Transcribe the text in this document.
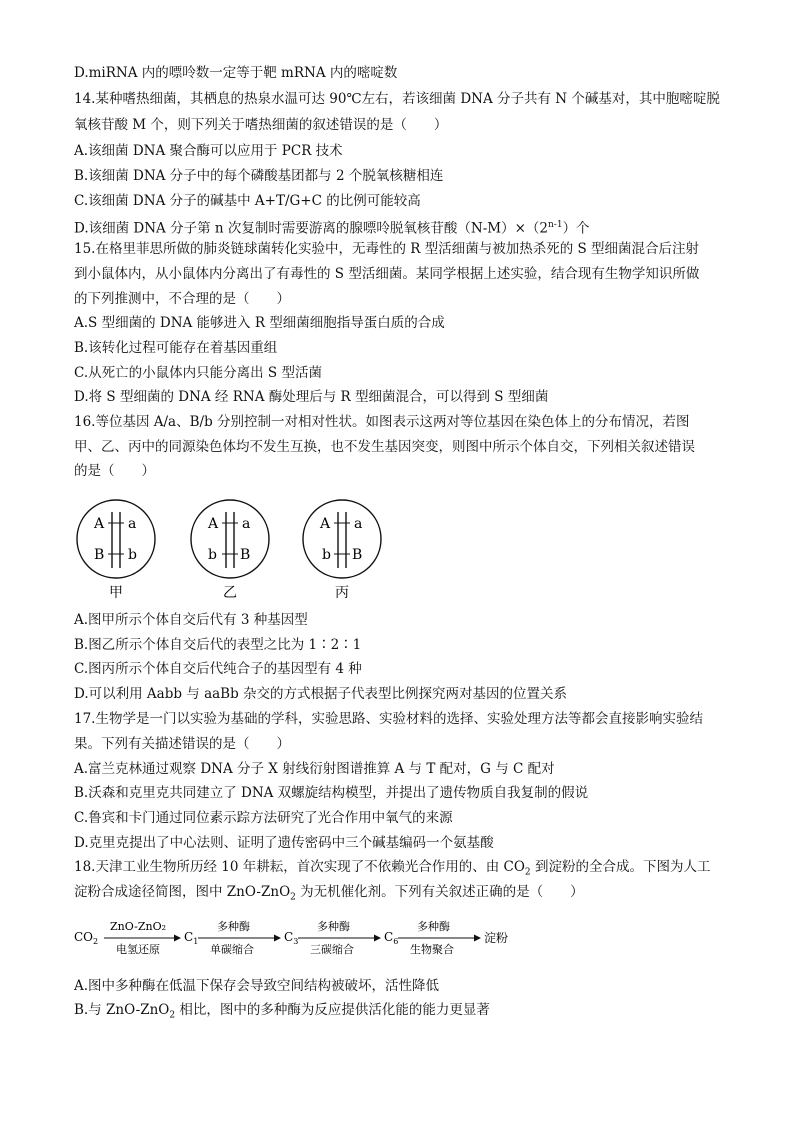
D.miRNA 内的嘌呤数一定等于靶 mRNA 内的嘧啶数
14.某种嗜热细菌，其栖息的热泉水温可达 90℃左右，若该细菌 DNA 分子共有 N 个碱基对，其中胞嘧啶脱
氧核苷酸 M 个，则下列关于嗜热细菌的叙述错误的是（　　）
A.该细菌 DNA 聚合酶可以应用于 PCR 技术
B.该细菌 DNA 分子中的每个磷酸基团都与 2 个脱氧核糖相连
C.该细菌 DNA 分子的碱基中 A+T/G+C 的比例可能较高
D.该细菌 DNA 分子第 n 次复制时需要游离的腺嘌呤脱氧核苷酸$(N-M)\times(2^{n-1})$个
15.在格里菲思所做的肺炎链球菌转化实验中，无毒性的 R 型活细菌与被加热杀死的 S 型细菌混合后注射
到小鼠体内，从小鼠体内分离出了有毒性的 S 型活细菌。某同学根据上述实验，结合现有生物学知识所做
的下列推测中，不合理的是（　　）
A.S 型细菌的 DNA 能够进入 R 型细菌细胞指导蛋白质的合成
B.该转化过程可能存在着基因重组
C.从死亡的小鼠体内只能分离出 S 型活菌
D.将 S 型细菌的 DNA 经 RNA 酶处理后与 R 型细菌混合，可以得到 S 型细菌
16.等位基因 A/a、B/b 分别控制一对相对性状。如图表示这两对等位基因在染色体上的分布情况，若图
甲、乙、丙中的同源染色体均不发生互换，也不发生基因突变，则图中所示个体自交，下列相关叙述错误
的是（　　）
A a
B b
甲
A a
b B
乙
A a
b B
丙
A.图甲所示个体自交后代有 3 种基因型
B.图乙所示个体自交后代的表型之比为 1∶2∶1
C.图丙所示个体自交后代纯合子的基因型有 4 种
D.可以利用 Aabb 与 aaBb 杂交的方式根据子代表型比例探究两对基因的位置关系
17.生物学是一门以实验为基础的学科，实验思路、实验材料的选择、实验处理方法等都会直接影响实验结
果。下列有关描述错误的是（　　）
A.富兰克林通过观察 DNA 分子 X 射线衍射图谱推算 A 与 T 配对，G 与 C 配对
B.沃森和克里克共同建立了 DNA 双螺旋结构模型，并提出了遗传物质自我复制的假说
C.鲁宾和卡门通过同位素示踪方法研究了光合作用中氧气的来源
D.克里克提出了中心法则、证明了遗传密码中三个碱基编码一个氨基酸
18.天津工业生物所历经 10 年耕耘，首次实现了不依赖光合作用的、由 $CO_2$ 到淀粉的全合成。下图为人工
淀粉合成途径简图，图中 ZnO-ZnO$_2$ 为无机催化剂。下列有关叙述正确的是（　　）
$CO_2$
ZnO-ZnO₂
电氢还原
$C_1$
多种酶
单碳缩合
$C_3$
多种酶
三碳缩合
$C_6$
多种酶
生物聚合
淀粉
A.图中多种酶在低温下保存会导致空间结构被破坏，活性降低
B.与 ZnO-ZnO$_2$ 相比，图中的多种酶为反应提供活化能的能力更显著
